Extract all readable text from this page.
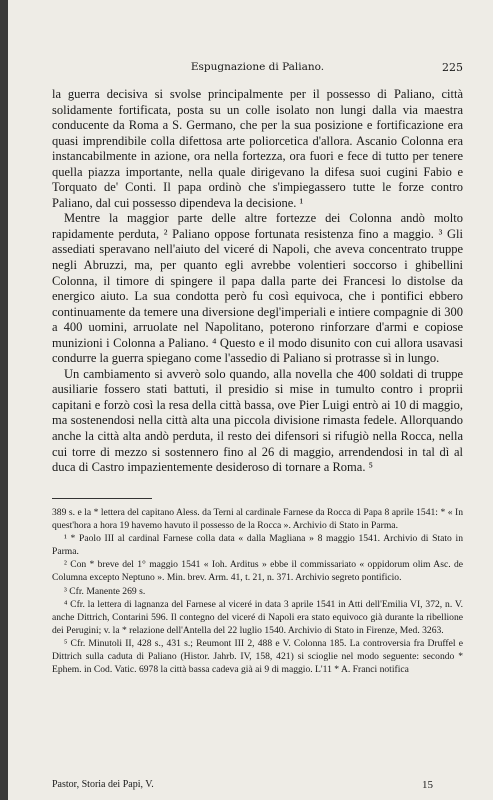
Espugnazione di Paliano.	225

la guerra decisiva si svolse principalmente per il possesso di Paliano, città solidamente fortificata, posta su un colle isolato non lungi dalla via maestra conducente da Roma a S. Germano, che per la sua posizione e fortificazione era quasi imprendibile colla difettosa arte poliorcetica d'allora. Ascanio Colonna era instancabilmente in azione, ora nella fortezza, ora fuori e fece di tutto per tenere quella piazza importante, nella quale dirigevano la difesa suoi cugini Fabio e Torquato de' Conti. Il papa ordinò che s'impiegassero tutte le forze contro Paliano, dal cui possesso dipendeva la decisione. ¹

Mentre la maggior parte delle altre fortezze dei Colonna andò molto rapidamente perduta, ² Paliano oppose fortunata resistenza fino a maggio. ³ Gli assediati speravano nell'aiuto del viceré di Napoli, che aveva concentrato truppe negli Abruzzi, ma, per quanto egli avrebbe volentieri soccorso i ghibellini Colonna, il timore di spingere il papa dalla parte dei Francesi lo distolse da energico aiuto. La sua condotta però fu così equivoca, che i pontifici ebbero continuamente da temere una diversione degl'imperiali e intiere compagnie di 300 a 400 uomini, arruolate nel Napolitano, poterono rinforzare d'armi e copiose munizioni i Colonna a Paliano. ⁴ Questo e il modo disunito con cui allora usavasi condurre la guerra spiegano come l'assedio di Paliano si protrasse sì in lungo.

Un cambiamento si avverò solo quando, alla novella che 400 soldati di truppe ausiliarie fossero stati battuti, il presidio si mise in tumulto contro i proprii capitani e forzò così la resa della città bassa, ove Pier Luigi entrò ai 10 di maggio, ma sostenendosi nella città alta una piccola divisione rimasta fedele. Allorquando anche la città alta andò perduta, il resto dei difensori si rifugiò nella Rocca, nella cui torre di mezzo si sostennero fino al 26 di maggio, arrendendosi in tal dì al duca di Castro impazientemente desideroso di tornare a Roma. ⁵

389 s. e la * lettera del capitano Aless. da Terni al cardinale Farnese da Rocca di Papa 8 aprile 1541: * « In quest'hora a hora 19 havemo havuto il possesso de la Rocca ». Archivio di Stato in Parma.

¹ * Paolo III al cardinal Farnese colla data « dalla Magliana » 8 maggio 1541. Archivio di Stato in Parma.

² Con * breve del 1° maggio 1541 « Ioh. Arditus » ebbe il commissariato « oppidorum olim Asc. de Columna excepto Neptuno ». Min. brev. Arm. 41, t. 21, n. 371. Archivio segreto pontificio.

³ Cfr. Manente 269 s.

⁴ Cfr. la lettera di lagnanza del Farnese al viceré in data 3 aprile 1541 in Atti dell'Emilia VI, 372, n. V. anche Dittrich, Contarini 596. Il contegno del viceré di Napoli era stato equivoco già durante la ribellione dei Perugini; v. la * relazione dell'Antella del 22 luglio 1540. Archivio di Stato in Firenze, Med. 3263.

⁵ Cfr. Minutoli II, 428 s., 431 s.; Reumont III 2, 488 e V. Colonna 185. La controversia fra Druffel e Dittrich sulla caduta di Paliano (Histor. Jahrb. IV, 158, 421) si scioglie nel modo seguente: secondo * Ephem. in Cod. Vatic. 6978 la città bassa cadeva già ai 9 di maggio. L'11 * A. Franci notifica

Pastor, Storia dei Papi, V.	15
